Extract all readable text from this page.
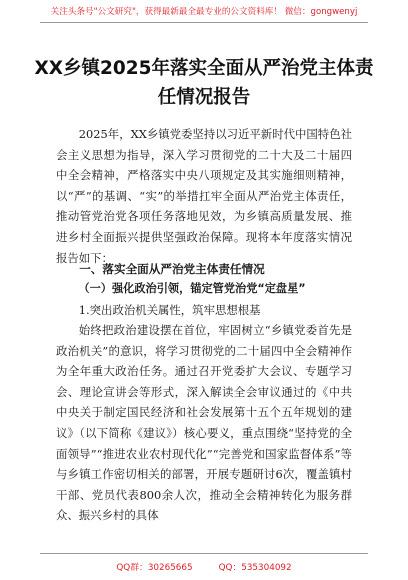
关注头条号"公文研究"，获得最新最全最专业的公文资料库！ 微信：gongwenyj
XX乡镇2025年落实全面从严治党主体责任情况报告
2025年，XX乡镇党委坚持以习近平新时代中国特色社会主义思想为指导，深入学习贯彻党的二十大及二十届四中全会精神，严格落实中央八项规定及其实施细则精神，以“严”的基调、“实”的举措扛牢全面从严治党主体责任，推动管党治党各项任务落地见效，为乡镇高质量发展、推进乡村全面振兴提供坚强政治保障。现将本年度落实情况报告如下：
一、落实全面从严治党主体责任情况
（一）强化政治引领，锚定管党治党“定盘星”
1.突出政治机关属性，筑牢思想根基
始终把政治建设摆在首位，牢固树立“乡镇党委首先是政治机关”的意识，将学习贯彻党的二十届四中全会精神作为全年重大政治任务。通过召开党委扩大会议、专题学习会、理论宣讲会等形式，深入解读全会审议通过的《中共中央关于制定国民经济和社会发展第十五个五年规划的建议》（以下简称《建议》）核心要义，重点围绕“坚持党的全面领导”“推进农业农村现代化”“完善党和国家监督体系”等与乡镇工作密切相关的部署，开展专题研讨6次，覆盖镇村干部、党员代表800余人次，推动全会精神转化为服务群众、振兴乡村的具体
QQ群：30265665	QQ：535304092
